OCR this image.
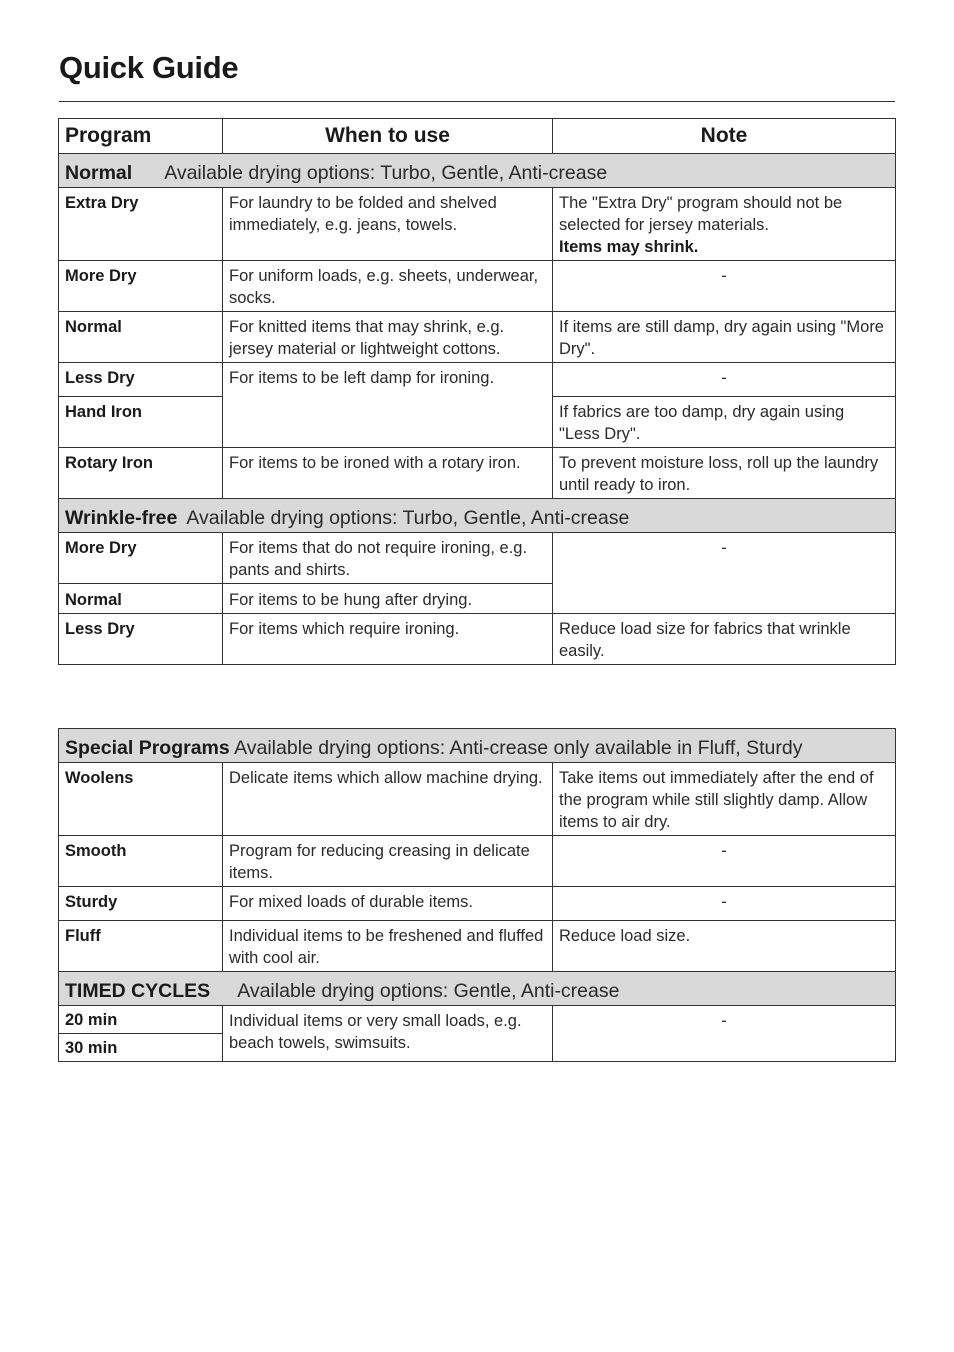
Quick Guide
Program	When to use	Note
Normal Available drying options: Turbo, Gentle, Anti-crease		
Extra Dry	For laundry to be folded and shelved immediately, e.g. jeans, towels.	The "Extra Dry" program should not be selected for jersey materials.
Items may shrink.
More Dry	For uniform loads, e.g. sheets, underwear, socks.	-
Normal	For knitted items that may shrink, e.g. jersey material or lightweight cottons.	If items are still damp, dry again using "More Dry".
Less Dry	For items to be left damp for ironing.	-
Hand Iron		If fabrics are too damp, dry again using "Less Dry".
Rotary Iron	For items to be ironed with a rotary iron.	To prevent moisture loss, roll up the laundry until ready to iron.
Wrinkle-free Available drying options: Turbo, Gentle, Anti-crease		
More Dry	For items that do not require ironing, e.g. pants and shirts.	-
Normal	For items to be hung after drying.	
Less Dry	For items which require ironing.	Reduce load size for fabrics that wrinkle easily.
Special Programs Available drying options: Anti-crease only available in Fluff, Sturdy		
Woolens	Delicate items which allow machine drying.	Take items out immediately after the end of the program while still slightly damp. Allow items to air dry.
Smooth	Program for reducing creasing in delicate items.	-
Sturdy	For mixed loads of durable items.	-
Fluff	Individual items to be freshened and fluffed with cool air.	Reduce load size.
TIMED CYCLES Available drying options: Gentle, Anti-crease		
20 min	Individual items or very small loads, e.g. beach towels, swimsuits.	-
30 min		
